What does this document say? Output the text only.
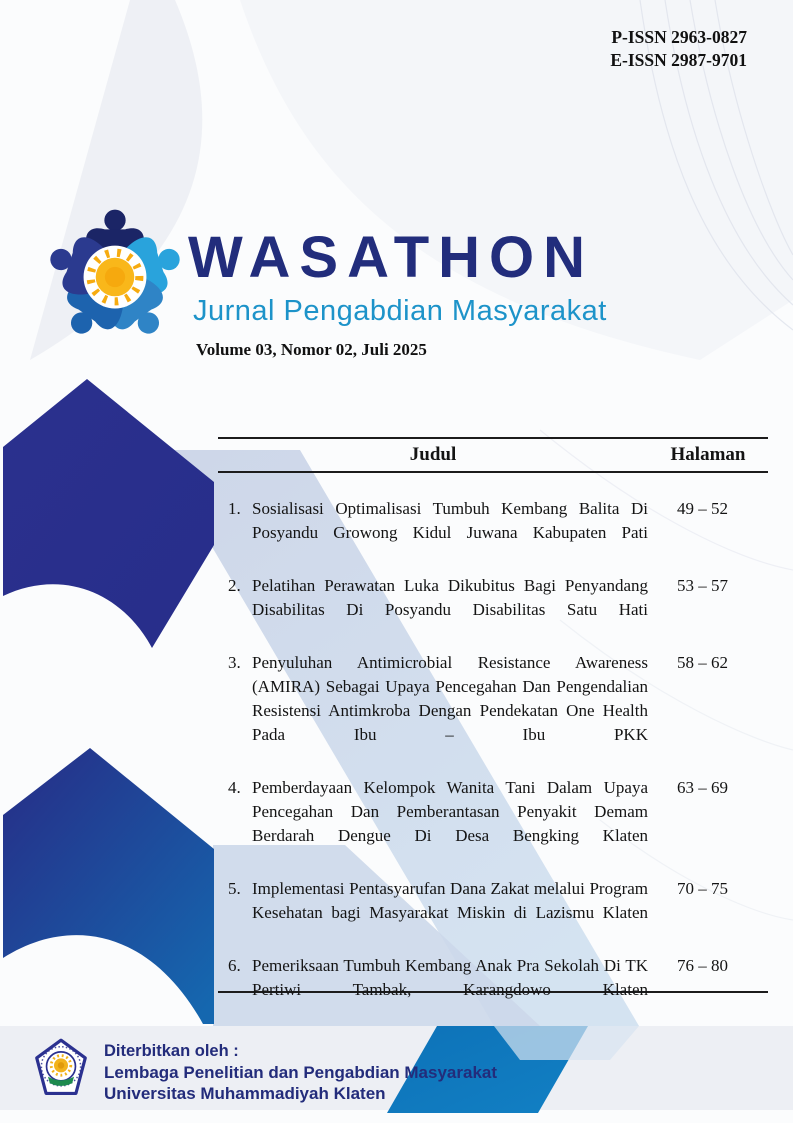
P-ISSN 2963-0827
E-ISSN 2987-9701
WASATHON
Jurnal Pengabdian Masyarakat
Volume 03, Nomor 02, Juli 2025
Judul	Halaman
1. Sosialisasi Optimalisasi Tumbuh Kembang Balita Di Posyandu Growong Kidul Juwana Kabupaten Pati
49 – 52
2. Pelatihan Perawatan Luka Dikubitus Bagi Penyandang Disabilitas Di Posyandu Disabilitas Satu Hati
53 – 57
3. Penyuluhan Antimicrobial Resistance Awareness (AMIRA) Sebagai Upaya Pencegahan Dan Pengendalian Resistensi Antimkroba Dengan Pendekatan One Health Pada Ibu – Ibu PKK
58 – 62
4. Pemberdayaan Kelompok Wanita Tani Dalam Upaya Pencegahan Dan Pemberantasan Penyakit Demam Berdarah Dengue Di Desa Bengking Klaten
63 – 69
5. Implementasi Pentasyarufan Dana Zakat melalui Program Kesehatan bagi Masyarakat Miskin di Lazismu Klaten
70 – 75
6. Pemeriksaan Tumbuh Kembang Anak Pra Sekolah Di TK Pertiwi Tambak, Karangdowo Klaten
76 – 80
Diterbitkan oleh :
Lembaga Penelitian dan Pengabdian Masyarakat
Universitas Muhammadiyah Klaten
